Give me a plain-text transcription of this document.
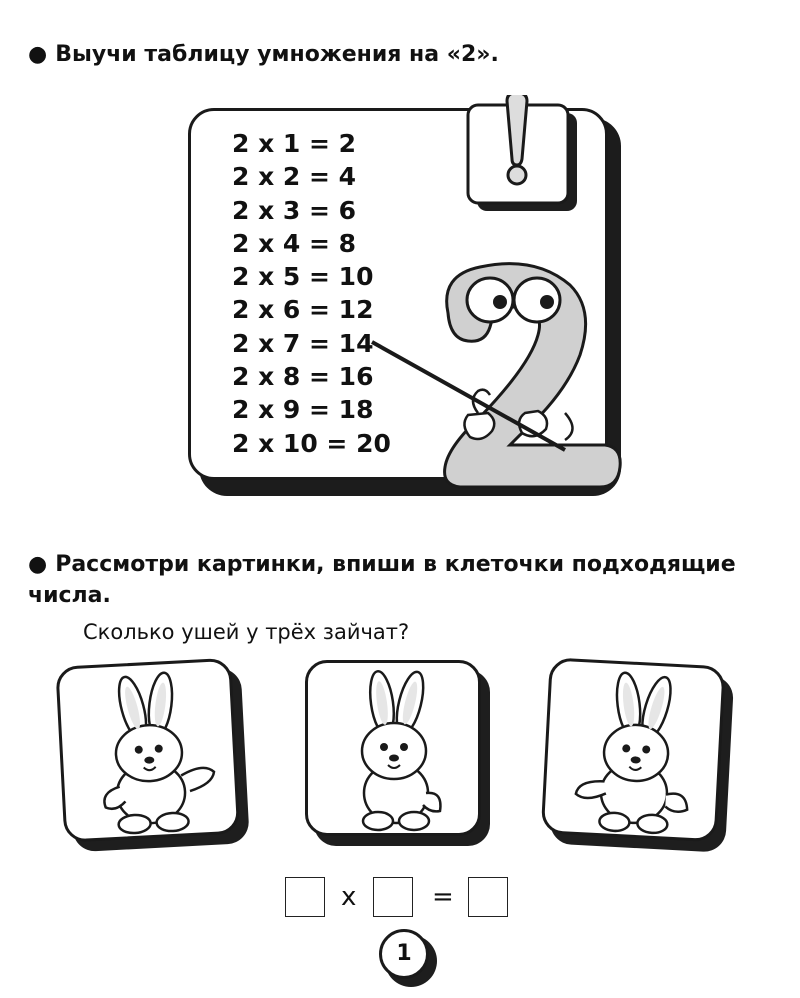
● Выучи таблицу умножения на «2».

2 x 1 = 2
2 x 2 = 4
2 x 3 = 6
2 x 4 = 8
2 x 5 = 10
2 x 6 = 12
2 x 7 = 14
2 x 8 = 16
2 x 9 = 18
2 x 10 = 20

● Рассмотри картинки, впиши в клеточки подходящие

числа.
Сколько ушей у трёх зайчат?
x	=
1
